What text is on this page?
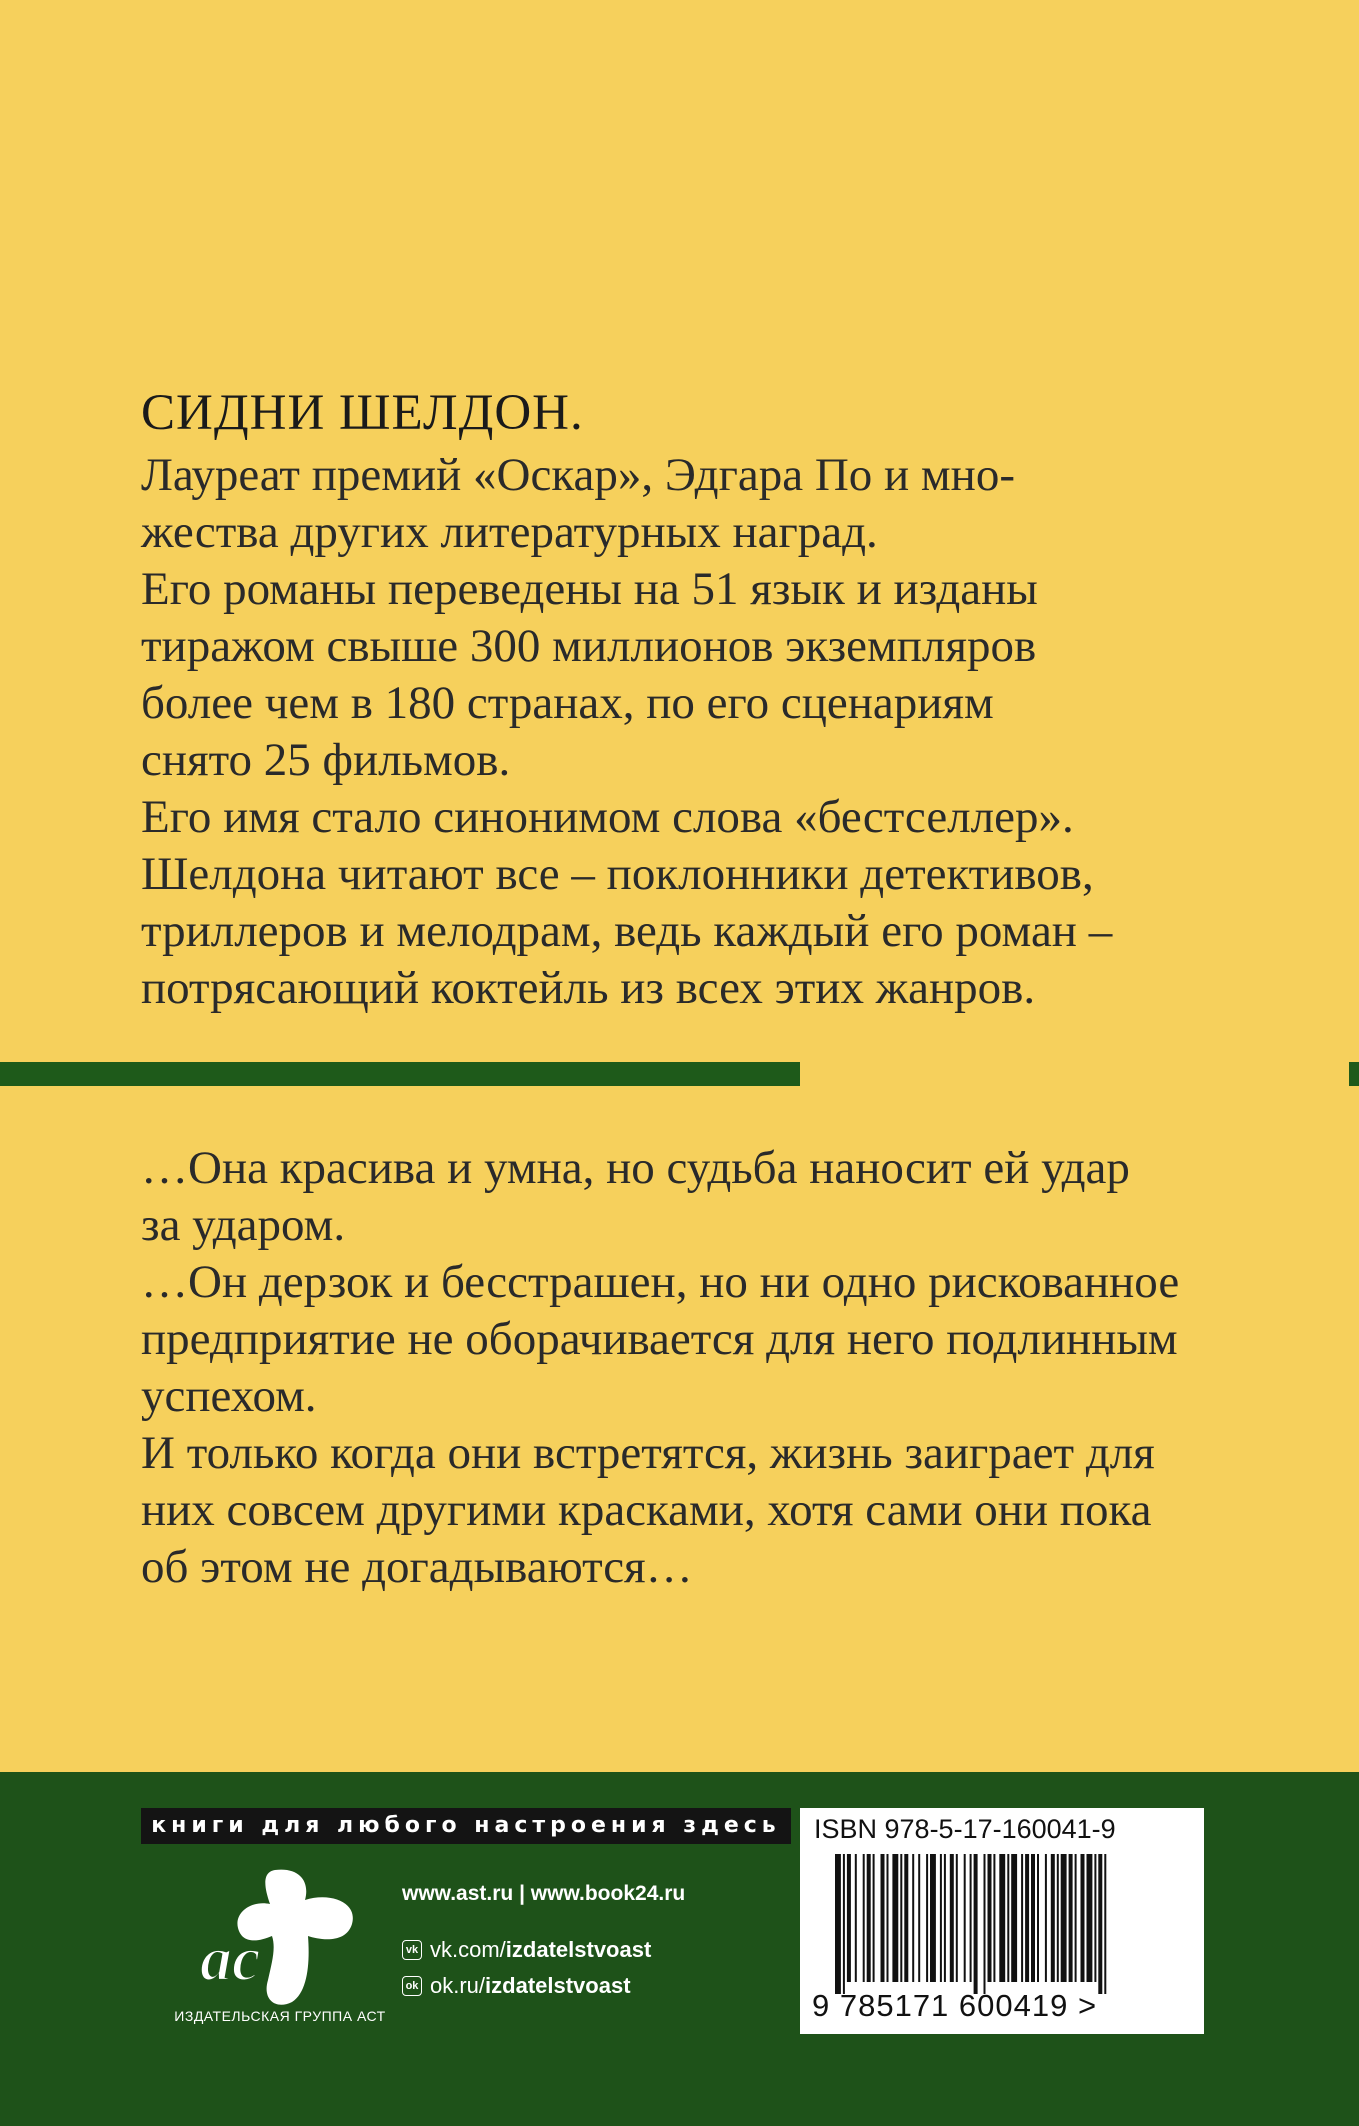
СИДНИ ШЕЛДОН.

Лауреат премий «Оскар», Эдгара По и мно-

жества других литературных наград.

Его романы переведены на 51 язык и изданы

тиражом свыше 300 миллионов экземпляров

более чем в 180 странах, по его сценариям

снято 25 фильмов.

Его имя стало синонимом слова «бестселлер».

Шелдона читают все – поклонники детективов,

триллеров и мелодрам, ведь каждый его роман –

потрясающий коктейль из всех этих жанров.

…Она красива и умна, но судьба наносит ей удар

за ударом.

…Он дерзок и бесстрашен, но ни одно рискованное

предприятие не оборачивается для него подлинным

успехом.

И только когда они встретятся, жизнь заиграет для

них совсем другими красками, хотя сами они пока

об этом не догадываются…

книги для любого настроения здесь
аc
ИЗДАТЕЛЬСКАЯ ГРУППА АСТ
www.ast.ru | www.book24.ru
vk vk.com/ izdatelstvoast
ok ok.ru/ izdatelstvoast
ISBN 978-5-17-160041-9
9 785171 600419 >
